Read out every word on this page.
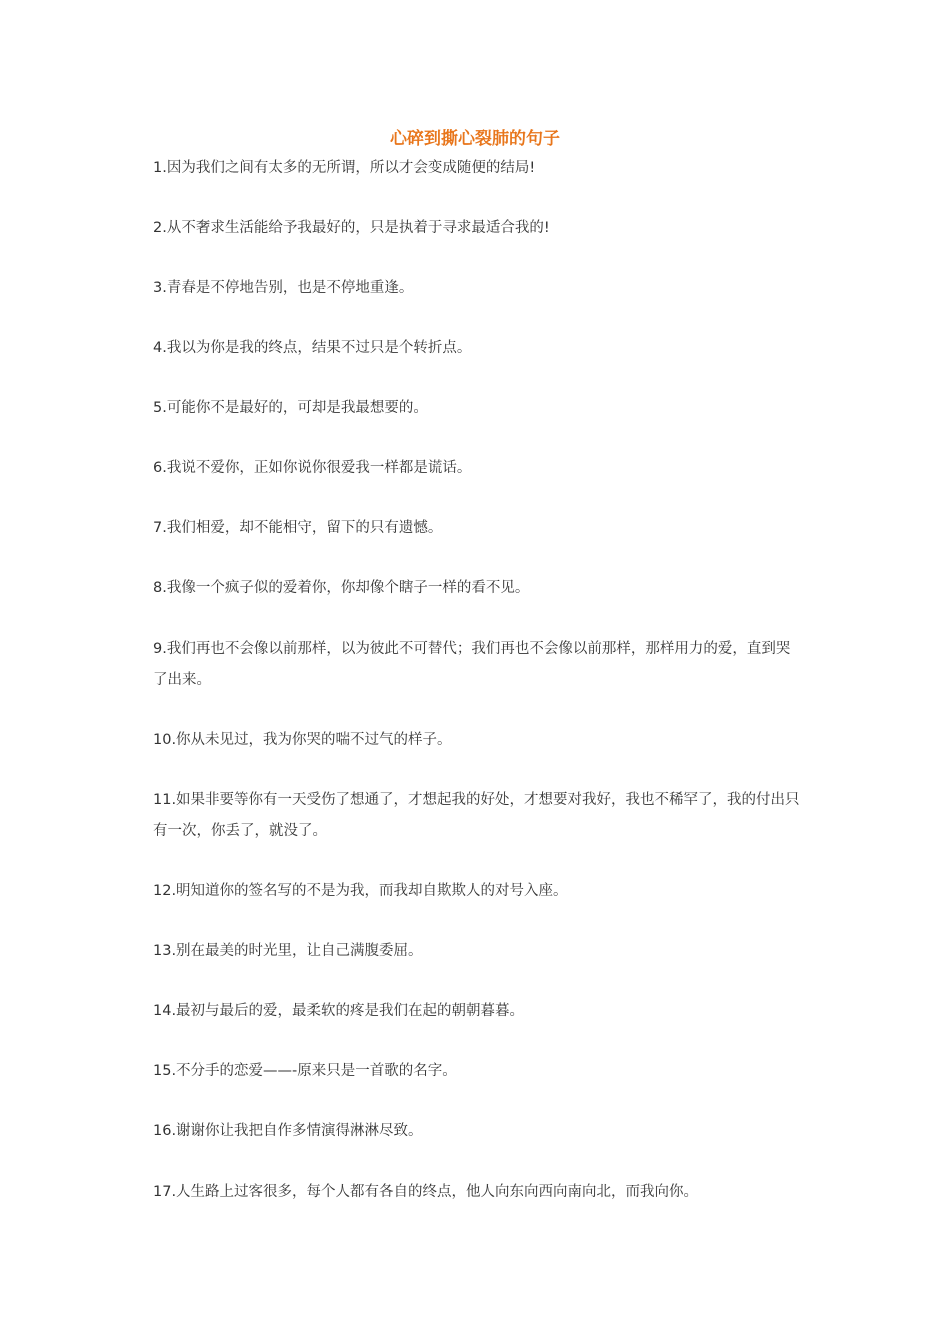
心碎到撕心裂肺的句子

1.因为我们之间有太多的无所谓，所以才会变成随便的结局!

2.从不奢求生活能给予我最好的，只是执着于寻求最适合我的!

3.青春是不停地告别，也是不停地重逢。

4.我以为你是我的终点，结果不过只是个转折点。

5.可能你不是最好的，可却是我最想要的。

6.我说不爱你，正如你说你很爱我一样都是谎话。

7.我们相爱，却不能相守，留下的只有遗憾。

8.我像一个疯子似的爱着你，你却像个瞎子一样的看不见。

9.我们再也不会像以前那样，以为彼此不可替代；我们再也不会像以前那样，那样用力的爱，直到哭了出来。

10.你从未见过，我为你哭的喘不过气的样子。

11.如果非要等你有一天受伤了想通了，才想起我的好处，才想要对我好，我也不稀罕了，我的付出只有一次，你丢了，就没了。

12.明知道你的签名写的不是为我，而我却自欺欺人的对号入座。

13.别在最美的时光里，让自己满腹委屈。

14.最初与最后的爱，最柔软的疼是我们在起的朝朝暮暮。

15.不分手的恋爱——-原来只是一首歌的名字。

16.谢谢你让我把自作多情演得淋淋尽致。

17.人生路上过客很多，每个人都有各自的终点，他人向东向西向南向北，而我向你。
